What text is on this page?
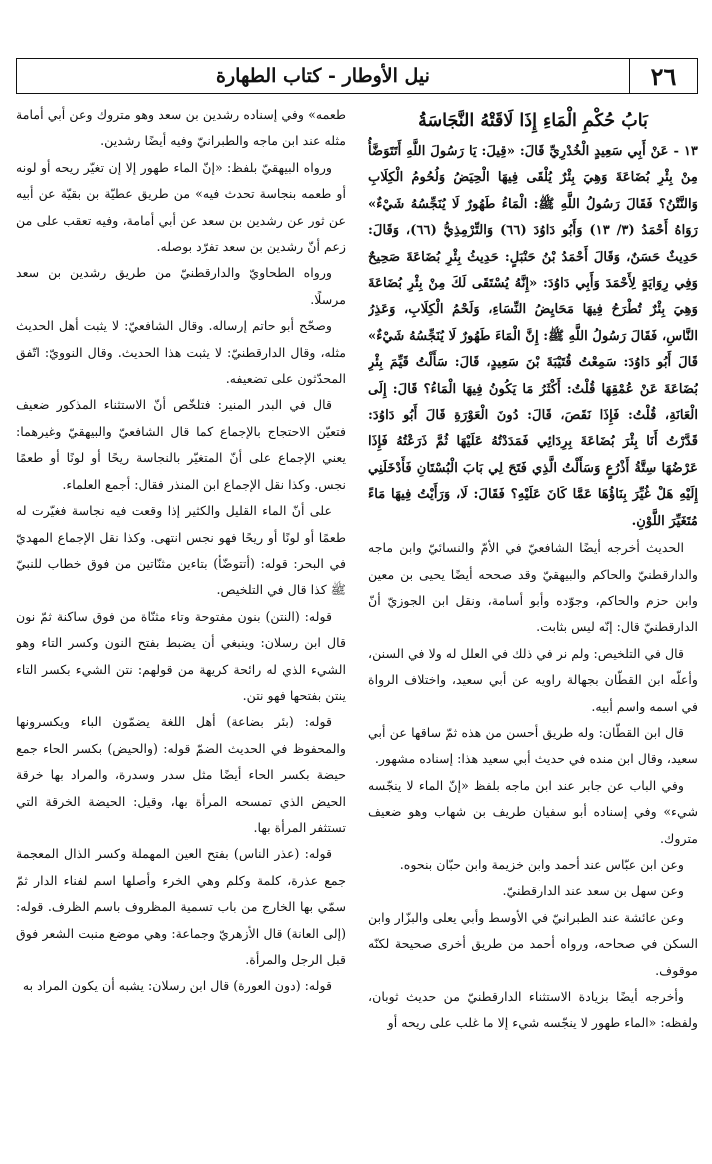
٢٦
نيل الأوطار - كتاب الطهارة
بَابُ حُكْمِ الْمَاءِ إِذَا لَاقَتْهُ النَّجَاسَةُ

١٣ - عَنْ أَبِي سَعِيدٍ الْخُدْرِيِّ قَالَ: «قِيلَ: يَا رَسُولَ اللَّهِ أَتَتَوَضَّأُ مِنْ بِئْرِ بُضَاعَةَ وَهِيَ بِئْرٌ يُلْقَى فِيهَا الْحِيَضُ وَلُحُومُ الْكِلَابِ وَالنَّتْنُ؟ فَقَالَ رَسُولُ اللَّهِ ﷺ: الْمَاءُ طَهُورٌ لَا يُنَجِّسُهُ شَيْءٌ» رَوَاهُ أَحْمَدُ (٣/ ١٣) وَأَبُو دَاوُدَ (٦٦) وَالتِّرْمِذِيُّ (٦٦)، وَقَالَ: حَدِيثٌ حَسَنٌ، وَقَالَ أَحْمَدُ بْنُ حَنْبَلٍ: حَدِيثُ بِئْرِ بُضَاعَةَ صَحِيحٌ وَفِي رِوَايَةٍ لِأَحْمَدَ وَأَبِي دَاوُدَ: «إِنَّهُ يُسْتَقَى لَكَ مِنْ بِئْرِ بُضَاعَةَ وَهِيَ بِئْرٌ تُطْرَحُ فِيهَا مَحَايِضُ النِّسَاءِ، وَلَحْمُ الْكِلَابِ، وَعَذِرُ النَّاسِ، فَقَالَ رَسُولُ اللَّهِ ﷺ: إِنَّ الْمَاءَ طَهُورٌ لَا يُنَجِّسُهُ شَيْءٌ» قَالَ أَبُو دَاوُدَ: سَمِعْتُ قُتَيْبَةَ بْنَ سَعِيدٍ، قَالَ: سَأَلْتُ قَيِّمَ بِئْرِ بُضَاعَةَ عَنْ عُمْقِهَا قُلْتُ: أَكْثَرُ مَا يَكُونُ فِيهَا الْمَاءُ؟ قَالَ: إِلَى الْعَانَةِ، قُلْتُ: فَإِذَا نَقَصَ، قَالَ: دُونَ الْعَوْرَةِ قَالَ أَبُو دَاوُدَ: قَدَّرْتُ أَنَا بِئْرَ بُضَاعَةَ بِرِدَائِي فَمَدَدْتُهُ عَلَيْهَا ثُمَّ ذَرَعْتُهُ فَإِذَا عَرْضُهَا سِتَّةُ أَذْرُعٍ وَسَأَلْتُ الَّذِي فَتَحَ لِي بَابَ الْبُسْتَانِ فَأَدْخَلَنِي إِلَيْهِ هَلْ غُيِّرَ بِنَاؤُهَا عَمَّا كَانَ عَلَيْهِ؟ فَقَالَ: لَا، وَرَأَيْتُ فِيهَا مَاءً مُتَغَيِّرَ اللَّوْنِ.

الحديث أخرجه أيضًا الشافعيّ في الأمّ والنسائيّ وابن ماجه والدارقطنيّ والحاكم والبيهقيّ وقد صححه أيضًا يحيى بن معين وابن حزم والحاكم، وجوّده وأبو أسامة، ونقل ابن الجوزيّ أنّ الدارقطنيّ قال: إنّه ليس بثابت.

قال في التلخيص: ولم نر في ذلك في العلل له ولا في السنن، وأعلّه ابن القطّان بجهالة راويه عن أبي سعيد، واختلاف الرواة في اسمه واسم أبيه.

قال ابن القطّان: وله طريق أحسن من هذه ثمّ ساقها عن أبي سعيد، وقال ابن منده في حديث أبي سعيد هذا: إسناده مشهور.

وفي الباب عن جابر عند ابن ماجه بلفظ «إنّ الماء لا ينجّسه شيء» وفي إسناده أبو سفيان طريف بن شهاب وهو ضعيف متروك.

وعن ابن عبّاس عند أحمد وابن خزيمة وابن حبّان بنحوه.

وعن سهل بن سعد عند الدارقطنيّ.

وعن عائشة عند الطبرانيّ في الأوسط وأبي يعلى والبزّار وابن السكن في صحاحه، ورواه أحمد من طريق أخرى صحيحة لكنّه موقوف.

وأخرجه أيضًا بزيادة الاستثناء الدارقطنيّ من حديث ثوبان، ولفظه: «الماء طهور لا ينجّسه شيء إلا ما غلب على ريحه أو

طعمه» وفي إسناده رشدين بن سعد وهو متروك وعن أبي أمامة مثله عند ابن ماجه والطبرانيّ وفيه أيضًا رشدين.

ورواه البيهقيّ بلفظ: «إنّ الماء طهور إلا إن تغيّر ريحه أو لونه أو طعمه بنجاسة تحدث فيه» من طريق عطيّة بن بقيّة عن أبيه عن ثور عن رشدين بن سعد عن أبي أمامة، وفيه تعقب على من زعم أنّ رشدين بن سعد تفرّد بوصله.

ورواه الطحاويّ والدارقطنيّ من طريق رشدين بن سعد مرسلًا.

وصحّح أبو حاتم إرساله. وقال الشافعيّ: لا يثبت أهل الحديث مثله، وقال الدارقطنيّ: لا يثبت هذا الحديث. وقال النوويّ: اتّفق المحدّثون على تضعيفه.

قال في البدر المنير: فتلخّص أنّ الاستثناء المذكور ضعيف فتعيّن الاحتجاج بالإجماع كما قال الشافعيّ والبيهقيّ وغيرهما: يعني الإجماع على أنّ المتغيّر بالنجاسة ريحًا أو لونًا أو طعمًا نجس. وكذا نقل الإجماع ابن المنذر فقال: أجمع العلماء.

على أنّ الماء القليل والكثير إذا وقعت فيه نجاسة فغيّرت له طعمًا أو لونًا أو ريحًا فهو نجس انتهى. وكذا نقل الإجماع المهديّ في البحر: قوله: (أتتوضّأ) بتاءين مثنّاتين من فوق خطاب للنبيّ ﷺ كذا قال في التلخيص.

قوله: (النتن) بنون مفتوحة وتاء مثنّاة من فوق ساكنة ثمّ نون قال ابن رسلان: وينبغي أن يضبط بفتح النون وكسر التاء وهو الشيء الذي له رائحة كريهة من قولهم: نتن الشيء بكسر التاء ينتن بفتحها فهو نتن.

قوله: (بئر بضاعة) أهل اللغة يضمّون الباء ويكسرونها والمحفوظ في الحديث الضمّ قوله: (والحيض) بكسر الحاء جمع حيضة بكسر الحاء أيضًا مثل سدر وسدرة، والمراد بها خرقة الحيض الذي تمسحه المرأة بها، وقيل: الحيضة الخرقة التي تستثفر المرأة بها.

قوله: (عذر الناس) بفتح العين المهملة وكسر الذال المعجمة جمع عذرة، كلمة وكلم وهي الخرء وأصلها اسم لفناء الدار ثمّ سمّي بها الخارج من باب تسمية المظروف باسم الظرف. قوله: (إلى العانة) قال الأزهريّ وجماعة: وهي موضع منبت الشعر فوق قبل الرجل والمرأة.

قوله: (دون العورة) قال ابن رسلان: يشبه أن يكون المراد به
